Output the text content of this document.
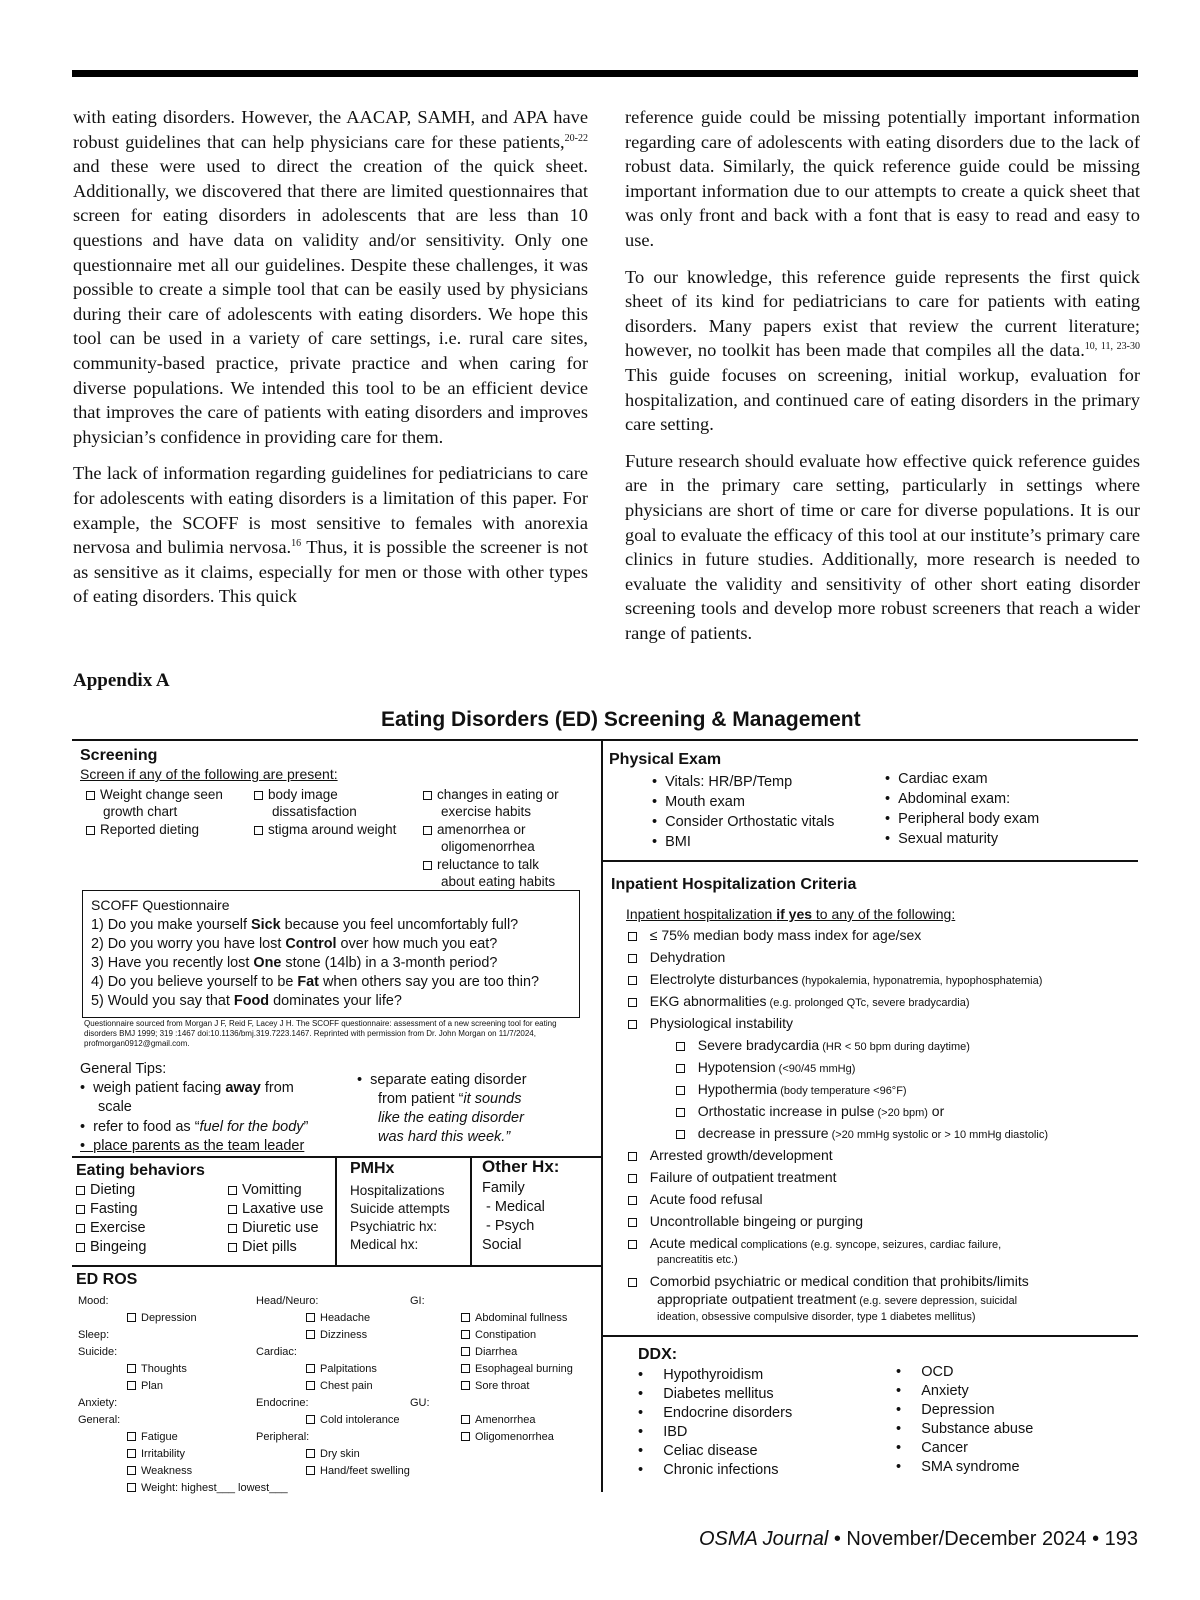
with eating disorders. However, the AACAP, SAMH, and APA have robust guidelines that can help physicians care for these patients,$^{20-22}$ and these were used to direct the creation of the quick sheet. Additionally, we discovered that there are limited questionnaires that screen for eating disorders in adolescents that are less than 10 questions and have data on validity and/or sensitivity. Only one questionnaire met all our guidelines. Despite these challenges, it was possible to create a simple tool that can be easily used by physicians during their care of adolescents with eating disorders. We hope this tool can be used in a variety of care settings, i.e. rural care sites, community-based practice, private practice and when caring for diverse populations. We intended this tool to be an efficient device that improves the care of patients with eating disorders and improves physician’s confidence in providing care for them.

The lack of information regarding guidelines for pediatricians to care for adolescents with eating disorders is a limitation of this paper. For example, the SCOFF is most sensitive to females with anorexia nervosa and bulimia nervosa.$^{16}$ Thus, it is possible the screener is not as sensitive as it claims, especially for men or those with other types of eating disorders. This quick

reference guide could be missing potentially important information regarding care of adolescents with eating disorders due to the lack of robust data. Similarly, the quick reference guide could be missing important information due to our attempts to create a quick sheet that was only front and back with a font that is easy to read and easy to use.

To our knowledge, this reference guide represents the first quick sheet of its kind for pediatricians to care for patients with eating disorders. Many papers exist that review the current literature; however, no toolkit has been made that compiles all the data.$^{10, 11, 23-30}$ This guide focuses on screening, initial workup, evaluation for hospitalization, and continued care of eating disorders in the primary care setting.

Future research should evaluate how effective quick reference guides are in the primary care setting, particularly in settings where physicians are short of time or care for diverse populations. It is our goal to evaluate the efficacy of this tool at our institute’s primary care clinics in future studies. Additionally, more research is needed to evaluate the validity and sensitivity of other short eating disorder screening tools and develop more robust screeners that reach a wider range of patients.

Appendix A
Eating Disorders (ED) Screening & Management
Screening
Screen if any of the following are present:
Weight change seen
growth chart
Reported dieting
body image
dissatisfaction
stigma around weight
changes in eating or
exercise habits
amenorrhea or
oligomenorrhea
reluctance to talk
about eating habits
SCOFF Questionnaire
1) Do you make yourself Sick because you feel uncomfortably full?
2) Do you worry you have lost Control over how much you eat?
3) Have you recently lost One stone (14lb) in a 3-month period?
4) Do you believe yourself to be Fat when others say you are too thin?
5) Would you say that Food dominates your life?
Questionnaire sourced from Morgan J F, Reid F, Lacey J H. The SCOFF questionnaire: assessment of a new screening tool for eating disorders BMJ 1999; 319 :1467 doi:10.1136/bmj.319.7223.1467. Reprinted with permission from Dr. John Morgan on 11/7/2024, profmorgan0912@gmail.com.
General Tips:
•  weigh patient facing away from
scale
•  refer to food as “fuel for the body”
•  place parents as the team leader
•  separate eating disorder
from patient “it sounds
like the eating disorder
was hard this week.”
Eating behaviors
Dieting
Fasting
Exercise
Bingeing
Vomitting
Laxative use
Diuretic use
Diet pills
PMHx
Hospitalizations
Suicide attempts
Psychiatric hx:
Medical hx:
Other Hx:
Family
- Medical
- Psych
Social
ED ROS
Mood:
Depression
Sleep:
Suicide:
Thoughts
Plan
Anxiety:
General:
Fatigue
Irritability
Weakness
Weight: highest___ lowest___
Head/Neuro:
Headache
Dizziness
Cardiac:
Palpitations
Chest pain
Endocrine:
Cold intolerance
Peripheral:
Dry skin
Hand/feet swelling
GI:
Abdominal fullness
Constipation
Diarrhea
Esophageal burning
Sore throat
GU:
Amenorrhea
Oligomenorrhea
Physical Exam
•  Vitals: HR/BP/Temp
•  Mouth exam
•  Consider Orthostatic vitals
•  BMI
•  Cardiac exam
•  Abdominal exam:
•  Peripheral body exam
•  Sexual maturity
Inpatient Hospitalization Criteria
Inpatient hospitalization if yes to any of the following:
≤ 75% median body mass index for age/sex
Dehydration
Electrolyte disturbances (hypokalemia, hyponatremia, hypophosphatemia)
EKG abnormalities (e.g. prolonged QTc, severe bradycardia)
Physiological instability
Severe bradycardia (HR < 50 bpm during daytime)
Hypotension (<90/45 mmHg)
Hypothermia (body temperature <96°F)
Orthostatic increase in pulse (>20 bpm) or
decrease in pressure (>20 mmHg systolic or > 10 mmHg diastolic)
Arrested growth/development
Failure of outpatient treatment
Acute food refusal
Uncontrollable bingeing or purging
Acute medical complications (e.g. syncope, seizures, cardiac failure,
pancreatitis etc.)
Comorbid psychiatric or medical condition that prohibits/limits
appropriate outpatient treatment (e.g. severe depression, suicidal
ideation, obsessive compulsive disorder, type 1 diabetes mellitus)
DDX:
•     Hypothyroidism
•     Diabetes mellitus
•     Endocrine disorders
•     IBD
•     Celiac disease
•     Chronic infections
•     OCD
•     Anxiety
•     Depression
•     Substance abuse
•     Cancer
•     SMA syndrome
OSMA Journal • November/December 2024 • 193
